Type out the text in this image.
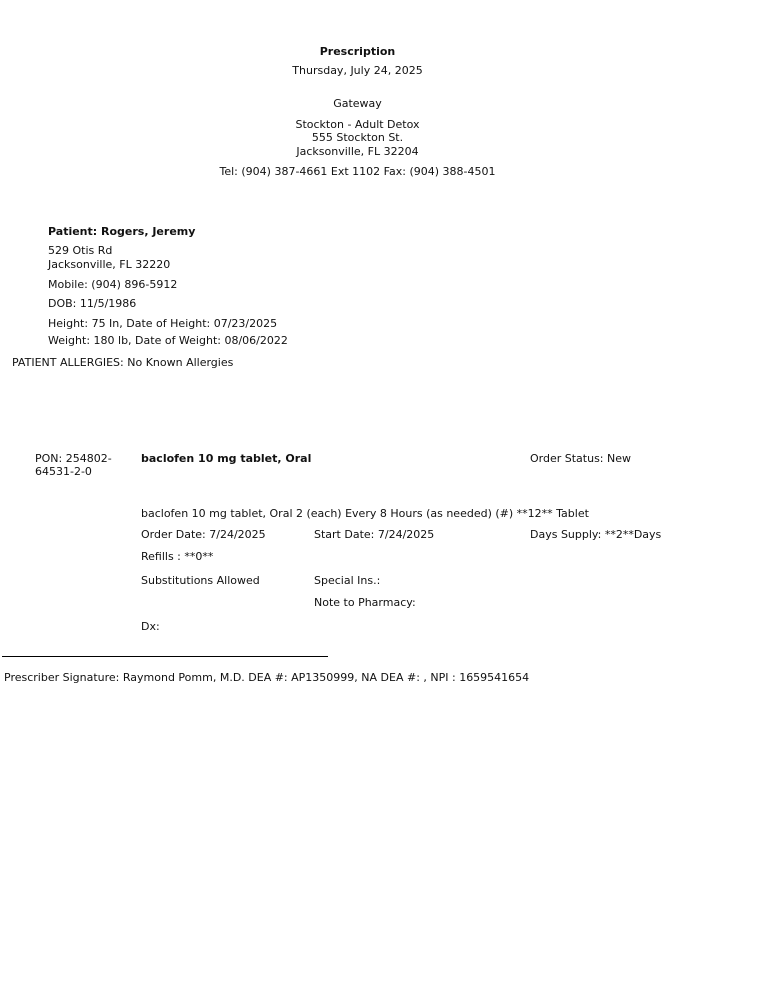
Prescription
Thursday, July 24, 2025
Gateway
Stockton - Adult Detox
555 Stockton St.
Jacksonville, FL 32204
Tel: (904) 387-4661 Ext 1102 Fax: (904) 388-4501
Patient: Rogers, Jeremy
529 Otis Rd
Jacksonville, FL 32220
Mobile: (904) 896-5912
DOB: 11/5/1986
Height: 75 In, Date of Height: 07/23/2025
Weight: 180 lb, Date of Weight: 08/06/2022
PATIENT ALLERGIES: No Known Allergies
PON: 254802-
64531-2-0
baclofen 10 mg tablet, Oral	Order Status: New
baclofen 10 mg tablet, Oral 2 (each) Every 8 Hours (as needed) (#) **12** Tablet
Order Date: 7/24/2025	Start Date: 7/24/2025	Days Supply: **2**Days
Refills : **0**
Substitutions Allowed	Special Ins.:
Note to Pharmacy:
Dx:
Prescriber Signature: Raymond Pomm, M.D. DEA #: AP1350999, NA DEA #: , NPI : 1659541654
